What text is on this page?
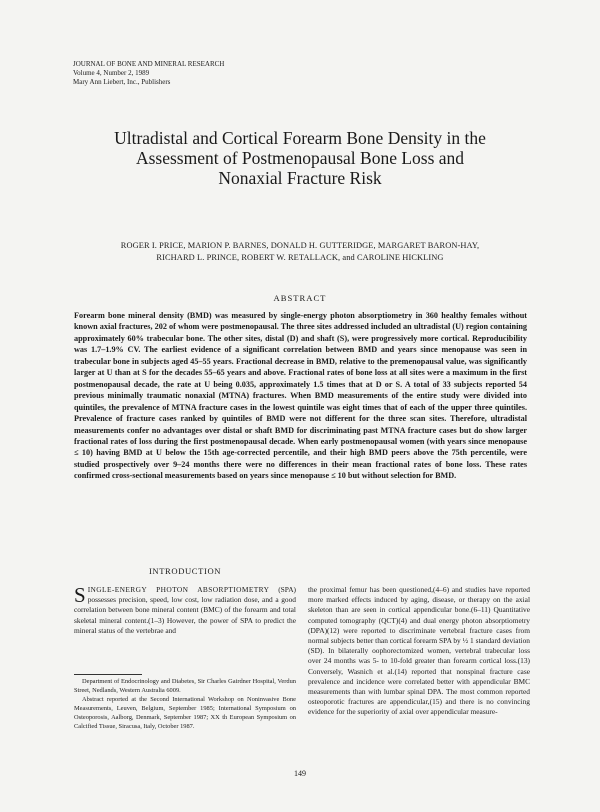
JOURNAL OF BONE AND MINERAL RESEARCH
Volume 4, Number 2, 1989
Mary Ann Liebert, Inc., Publishers
Ultradistal and Cortical Forearm Bone Density in the
Assessment of Postmenopausal Bone Loss and
Nonaxial Fracture Risk
ROGER I. PRICE, MARION P. BARNES, DONALD H. GUTTERIDGE, MARGARET BARON-HAY,
RICHARD L. PRINCE, ROBERT W. RETALLACK, and CAROLINE HICKLING
ABSTRACT
Forearm bone mineral density (BMD) was measured by single-energy photon absorptiometry in 360 healthy females without known axial fractures, 202 of whom were postmenopausal. The three sites addressed included an ultradistal (U) region containing approximately 60% trabecular bone. The other sites, distal (D) and shaft (S), were progressively more cortical. Reproducibility was 1.7–1.9% CV. The earliest evidence of a significant correlation between BMD and years since menopause was seen in trabecular bone in subjects aged 45–55 years. Fractional decrease in BMD, relative to the premenopausal value, was significantly larger at U than at S for the decades 55–65 years and above. Fractional rates of bone loss at all sites were a maximum in the first postmenopausal decade, the rate at U being 0.035, approximately 1.5 times that at D or S. A total of 33 subjects reported 54 previous minimally traumatic nonaxial (MTNA) fractures. When BMD measurements of the entire study were divided into quintiles, the prevalence of MTNA fracture cases in the lowest quintile was eight times that of each of the upper three quintiles. Prevalence of fracture cases ranked by quintiles of BMD were not different for the three scan sites. Therefore, ultradistal measurements confer no advantages over distal or shaft BMD for discriminating past MTNA fracture cases but do show larger fractional rates of loss during the first postmenopausal decade. When early postmenopausal women (with years since menopause ≤ 10) having BMD at U below the 15th age-corrected percentile, and their high BMD peers above the 75th percentile, were studied prospectively over 9–24 months there were no differences in their mean fractional rates of bone loss. These rates confirmed cross-sectional measurements based on years since menopause ≤ 10 but without selection for BMD.
INTRODUCTION
SINGLE-ENERGY PHOTON ABSORPTIOMETRY (SPA) possesses precision, speed, low cost, low radiation dose, and a good correlation between bone mineral content (BMC) of the forearm and total skeletal mineral content.(1–3) However, the power of SPA to predict the mineral status of the vertebrae and
the proximal femur has been questioned,(4–6) and studies have reported more marked effects induced by aging, disease, or therapy on the axial skeleton than are seen in cortical appendicular bone.(6–11) Quantitative computed tomography (QCT)(4) and dual energy photon absorptiometry (DPA)(12) were reported to discriminate vertebral fracture cases from normal subjects better than cortical forearm SPA by ½ 1 standard deviation (SD). In bilaterally oophorectomized women, vertebral trabecular loss over 24 months was 5- to 10-fold greater than forearm cortical loss.(13) Conversely, Wasnich et al.(14) reported that nonspinal fracture case prevalence and incidence were correlated better with appendicular BMC measurements than with lumbar spinal DPA. The most common reported osteoporotic fractures are appendicular,(15) and there is no convincing evidence for the superiority of axial over appendicular measure-

Department of Endocrinology and Diabetes, Sir Charles Gairdner Hospital, Verdun Street, Nedlands, Western Australia 6009.

Abstract reported at the Second International Workshop on Noninvasive Bone Measurements, Leuven, Belgium, September 1985; International Symposium on Osteoporosis, Aalborg, Denmark, September 1987; XX th European Symposium on Calcified Tissue, Siracusa, Italy, October 1987.

149
